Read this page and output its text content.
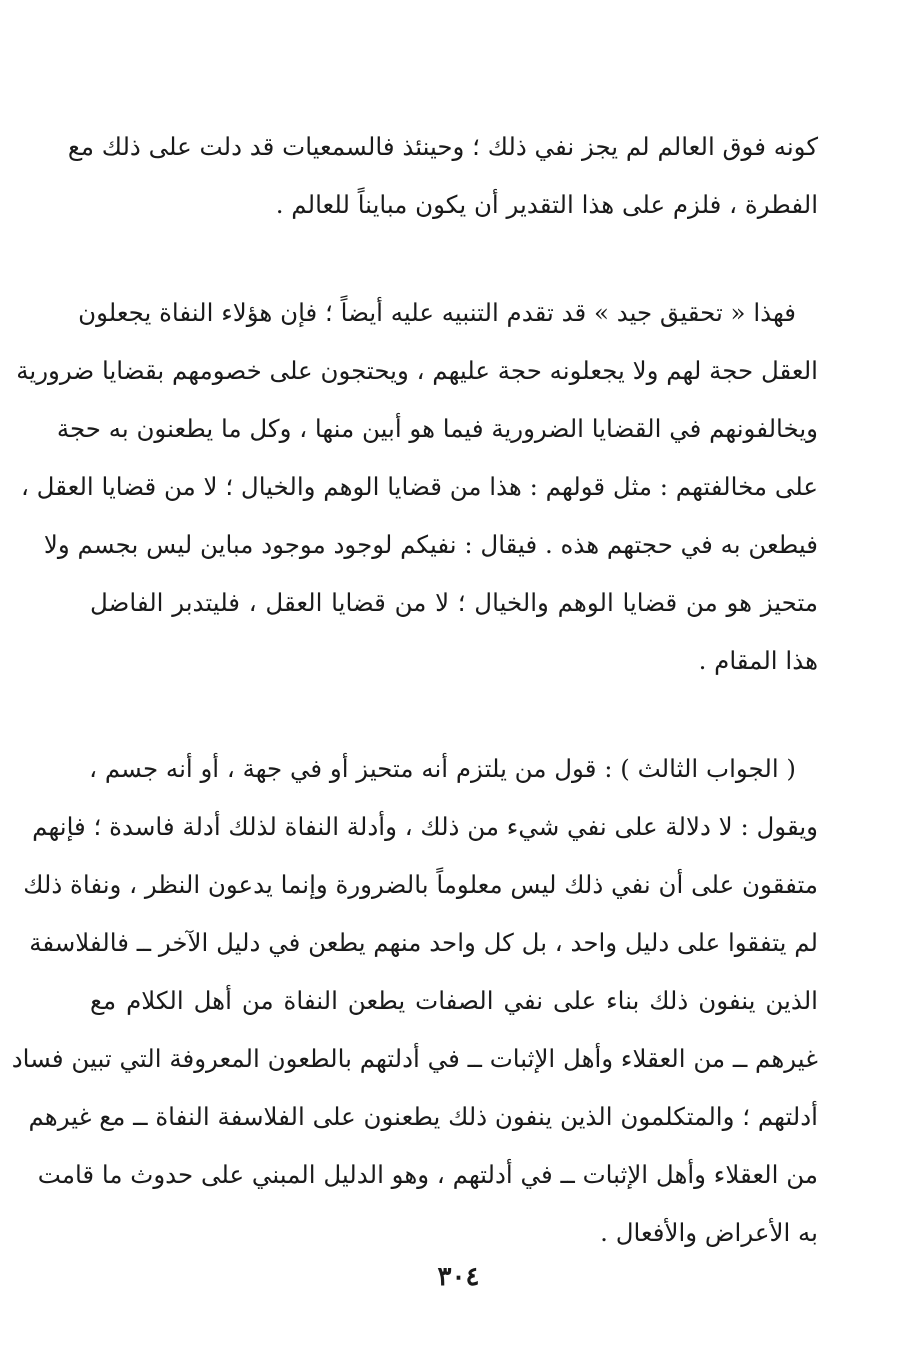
كونه فوق العالم لم يجز نفي ذلك ؛ وحينئذ فالسمعيات قد دلت على ذلك مع
الفطرة ، فلزم على هذا التقدير أن يكون مبايناً للعالم .
فهذا « تحقيق جيد » قد تقدم التنبيه عليه أيضاً ؛ فإن هؤلاء النفاة يجعلون
العقل حجة لهم ولا يجعلونه حجة عليهم ، ويحتجون على خصومهم بقضايا ضرورية
ويخالفونهم في القضايا الضرورية فيما هو أبين منها ، وكل ما يطعنون به حجة
على مخالفتهم : مثل قولهم : هذا من قضايا الوهم والخيال ؛ لا من قضايا العقل ،
فيطعن به في حجتهم هذه . فيقال : نفيكم لوجود موجود مباين ليس بجسم ولا
متحيز هو من قضايا الوهم والخيال ؛ لا من قضايا العقل ، فليتدبر الفاضل
هذا المقام .
( الجواب الثالث ) : قول من يلتزم أنه متحيز أو في جهة ، أو أنه جسم ،
ويقول : لا دلالة على نفي شيء من ذلك ، وأدلة النفاة لذلك أدلة فاسدة ؛ فإنهم
متفقون على أن نفي ذلك ليس معلوماً بالضرورة وإنما يدعون النظر ، ونفاة ذلك
لم يتفقوا على دليل واحد ، بل كل واحد منهم يطعن في دليل الآخر ــ فالفلاسفة
الذين ينفون ذلك بناء على نفي الصفات يطعن النفاة من أهل الكلام مع
غيرهم ــ من العقلاء وأهل الإثبات ــ في أدلتهم بالطعون المعروفة التي تبين فساد
أدلتهم ؛ والمتكلمون الذين ينفون ذلك يطعنون على الفلاسفة النفاة ــ مع غيرهم
من العقلاء وأهل الإثبات ــ في أدلتهم ، وهو الدليل المبني على حدوث ما قامت
به الأعراض والأفعال .
٣٠٤
